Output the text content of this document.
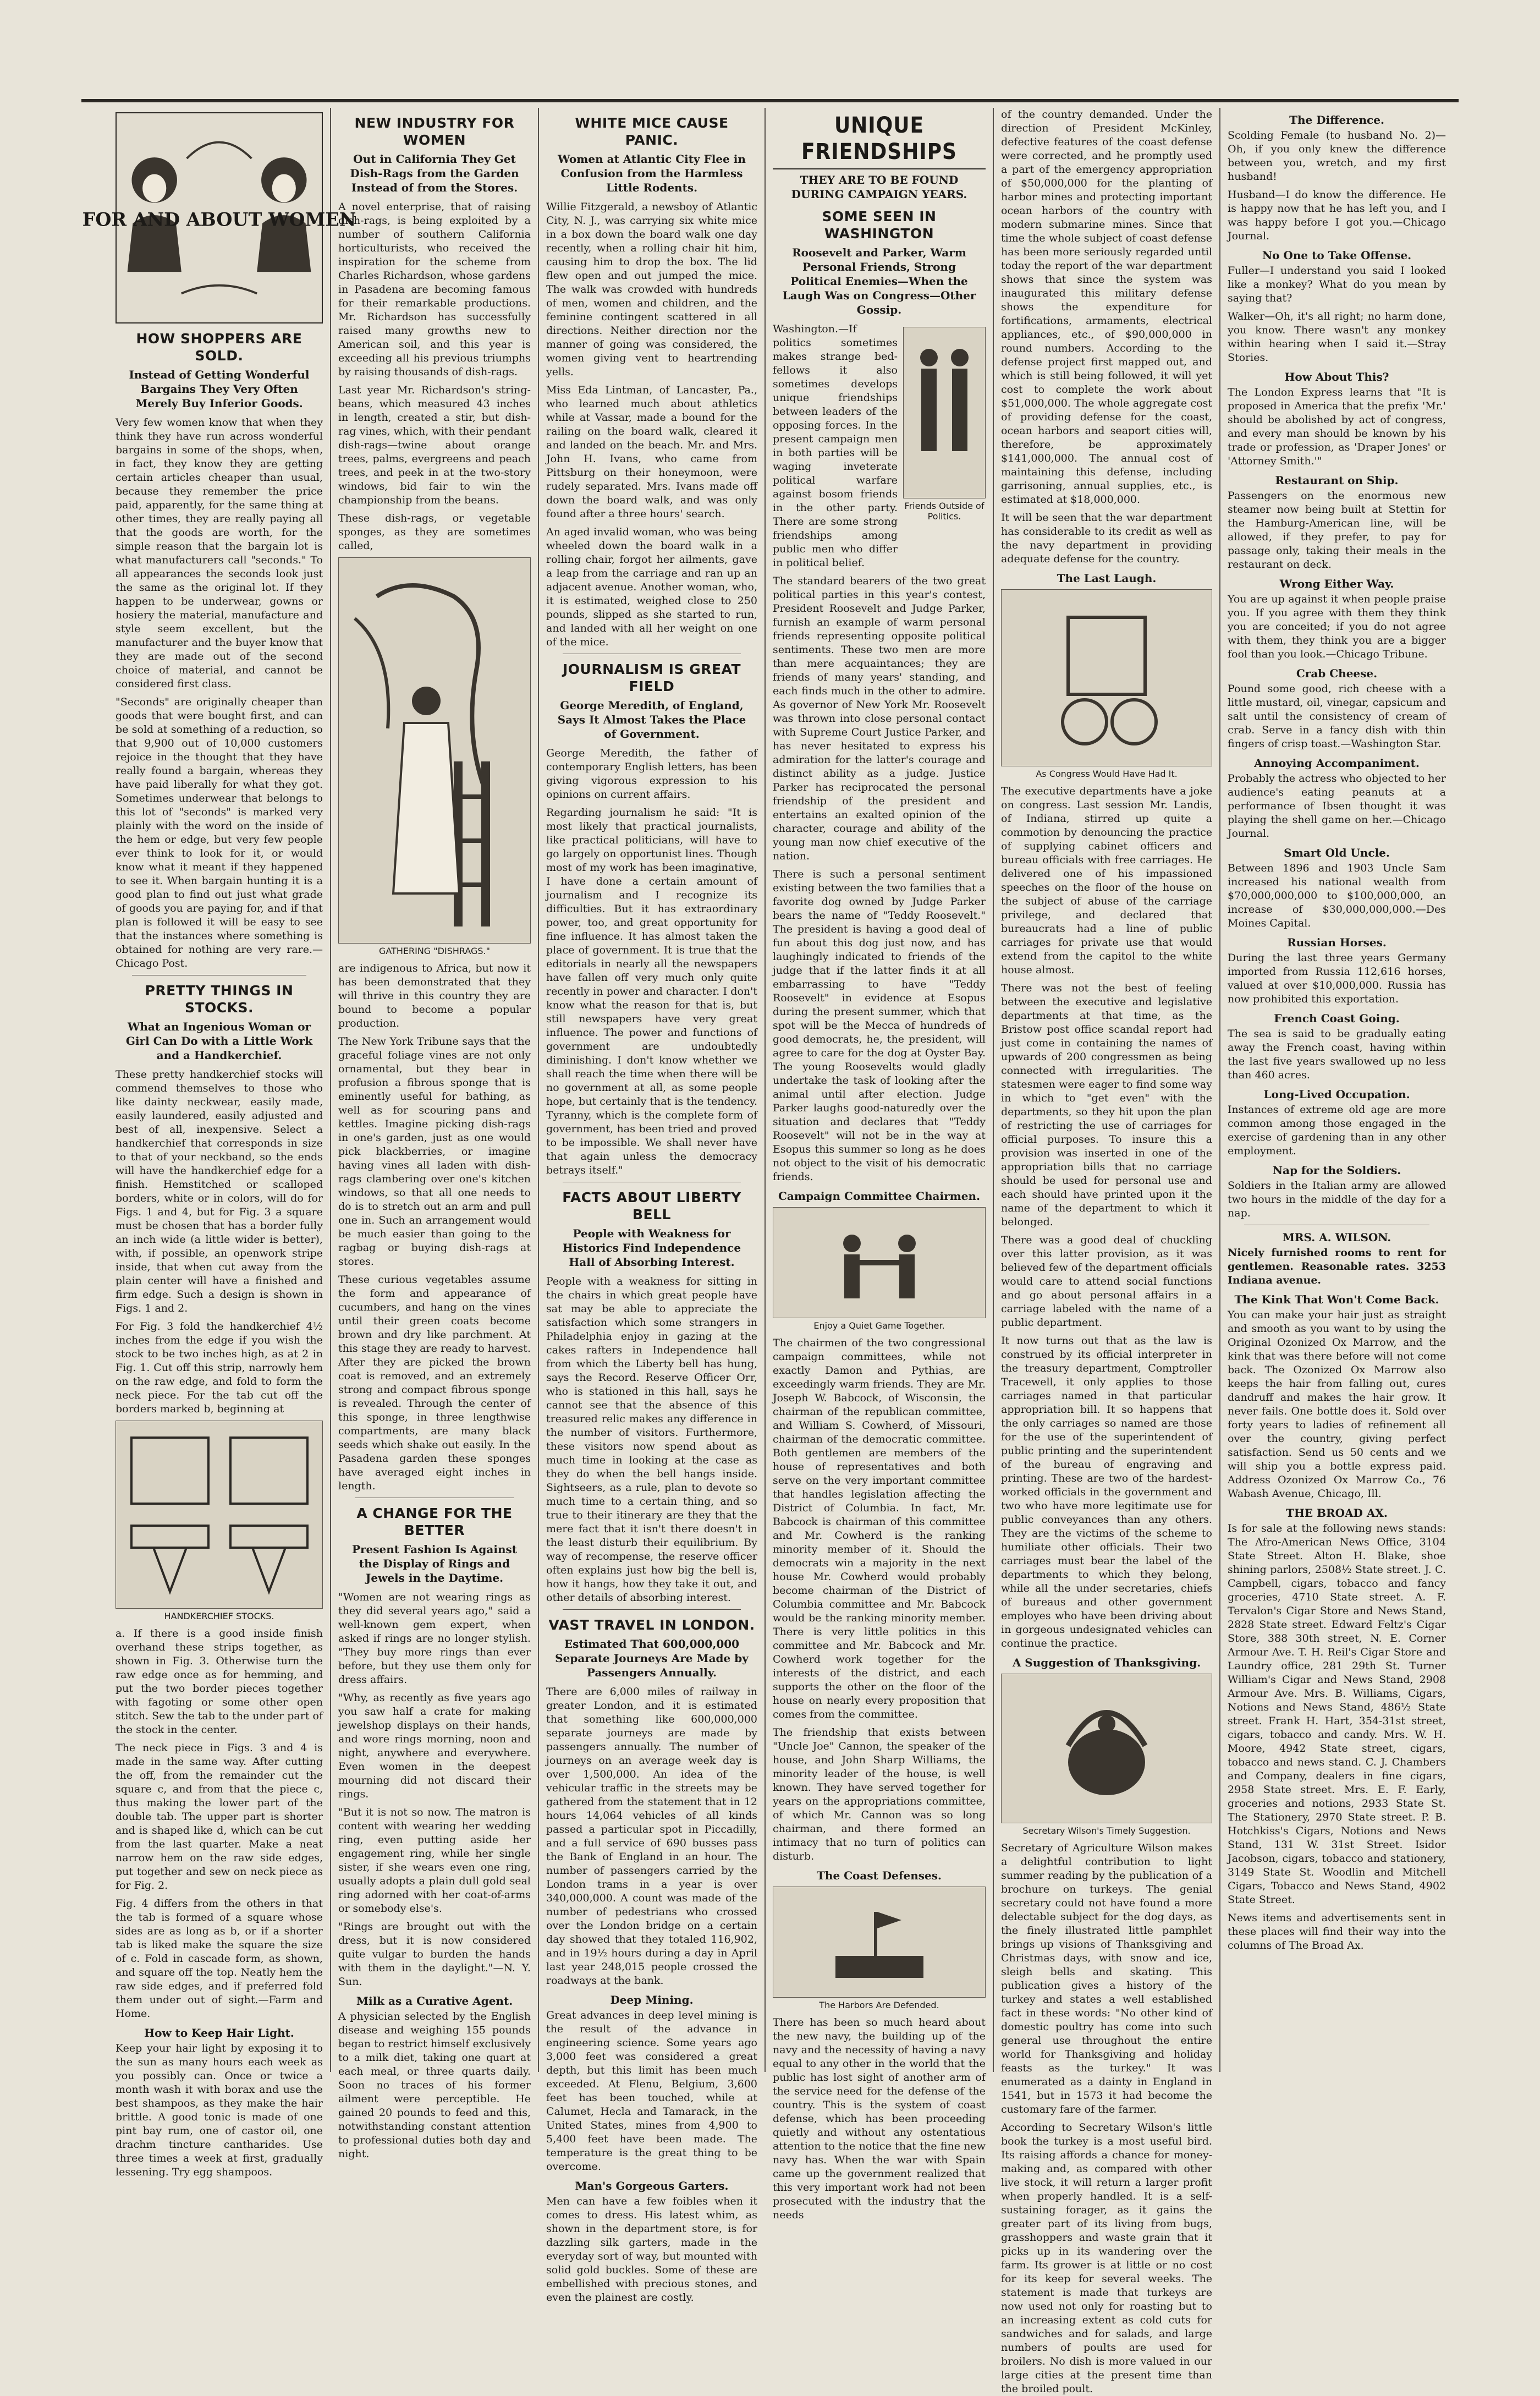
FOR AND ABOUT WOMEN
HOW SHOPPERS ARE SOLD.
Instead of Getting Wonderful Bargains They Very Often Merely Buy Inferior Goods.

Very few women know that when they think they have run across wonderful bargains in some of the shops, when, in fact, they know they are getting certain articles cheaper than usual, because they remember the price paid, apparently, for the same thing at other times, they are really paying all that the goods are worth, for the simple reason that the bargain lot is what manufacturers call "seconds." To all appearances the seconds look just the same as the original lot. If they happen to be underwear, gowns or hosiery the material, manufacture and style seem excellent, but the manufacturer and the buyer know that they are made out of the second choice of material, and cannot be considered first class.

"Seconds" are originally cheaper than goods that were bought first, and can be sold at something of a reduction, so that 9,900 out of 10,000 customers rejoice in the thought that they have really found a bargain, whereas they have paid liberally for what they got. Sometimes underwear that belongs to this lot of "seconds" is marked very plainly with the word on the inside of the hem or edge, but very few people ever think to look for it, or would know what it meant if they happened to see it. When bargain hunting it is a good plan to find out just what grade of goods you are paying for, and if that plan is followed it will be easy to see that the instances where something is obtained for nothing are very rare.—Chicago Post.

PRETTY THINGS IN STOCKS.
What an Ingenious Woman or Girl Can Do with a Little Work and a Handkerchief.

These pretty handkerchief stocks will commend themselves to those who like dainty neckwear, easily made, easily laundered, easily adjusted and best of all, inexpensive. Select a handkerchief that corresponds in size to that of your neckband, so the ends will have the handkerchief edge for a finish. Hemstitched or scalloped borders, white or in colors, will do for Figs. 1 and 4, but for Fig. 3 a square must be chosen that has a border fully an inch wide (a little wider is better), with, if possible, an openwork stripe inside, that when cut away from the plain center will have a finished and firm edge. Such a design is shown in Figs. 1 and 2.

For Fig. 3 fold the handkerchief 4½ inches from the edge if you wish the stock to be two inches high, as at 2 in Fig. 1. Cut off this strip, narrowly hem on the raw edge, and fold to form the neck piece. For the tab cut off the borders marked b, beginning at

HANDKERCHIEF STOCKS.

a. If there is a good inside finish overhand these strips together, as shown in Fig. 3. Otherwise turn the raw edge once as for hemming, and put the two border pieces together with fagoting or some other open stitch. Sew the tab to the under part of the stock in the center.

The neck piece in Figs. 3 and 4 is made in the same way. After cutting the off, from the remainder cut the square c, and from that the piece c, thus making the lower part of the double tab. The upper part is shorter and is shaped like d, which can be cut from the last quarter. Make a neat narrow hem on the raw side edges, put together and sew on neck piece as for Fig. 2.

Fig. 4 differs from the others in that the tab is formed of a square whose sides are as long as b, or if a shorter tab is liked make the square the size of c. Fold in cascade form, as shown, and square off the top. Neatly hem the raw side edges, and if preferred fold them under out of sight.—Farm and Home.

How to Keep Hair Light.

Keep your hair light by exposing it to the sun as many hours each week as you possibly can. Once or twice a month wash it with borax and use the best shampoos, as they make the hair brittle. A good tonic is made of one pint bay rum, one of castor oil, one drachm tincture cantharides. Use three times a week at first, gradually lessening. Try egg shampoos.

NEW INDUSTRY FOR WOMEN
Out in California They Get Dish-Rags from the Garden Instead of from the Stores.

A novel enterprise, that of raising dish-rags, is being exploited by a number of southern California horticulturists, who received the inspiration for the scheme from Charles Richardson, whose gardens in Pasadena are becoming famous for their remarkable productions. Mr. Richardson has successfully raised many growths new to American soil, and this year is exceeding all his previous triumphs by raising thousands of dish-rags.

Last year Mr. Richardson's string-beans, which measured 43 inches in length, created a stir, but dish-rag vines, which, with their pendant dish-rags—twine about orange trees, palms, evergreens and peach trees, and peek in at the two-story windows, bid fair to win the championship from the beans.

These dish-rags, or vegetable sponges, as they are sometimes called,

GATHERING "DISHRAGS."

are indigenous to Africa, but now it has been demonstrated that they will thrive in this country they are bound to become a popular production.

The New York Tribune says that the graceful foliage vines are not only ornamental, but they bear in profusion a fibrous sponge that is eminently useful for bathing, as well as for scouring pans and kettles. Imagine picking dish-rags in one's garden, just as one would pick blackberries, or imagine having vines all laden with dish-rags clambering over one's kitchen windows, so that all one needs to do is to stretch out an arm and pull one in. Such an arrangement would be much easier than going to the ragbag or buying dish-rags at stores.

These curious vegetables assume the form and appearance of cucumbers, and hang on the vines until their green coats become brown and dry like parchment. At this stage they are ready to harvest. After they are picked the brown coat is removed, and an extremely strong and compact fibrous sponge is revealed. Through the center of this sponge, in three lengthwise compartments, are many black seeds which shake out easily. In the Pasadena garden these sponges have averaged eight inches in length.

A CHANGE FOR THE BETTER
Present Fashion Is Against the Display of Rings and Jewels in the Daytime.

"Women are not wearing rings as they did several years ago," said a well-known gem expert, when asked if rings are no longer stylish. "They buy more rings than ever before, but they use them only for dress affairs.

"Why, as recently as five years ago you saw half a crate for making jewelshop displays on their hands, and wore rings morning, noon and night, anywhere and everywhere. Even women in the deepest mourning did not discard their rings.

"But it is not so now. The matron is content with wearing her wedding ring, even putting aside her engagement ring, while her single sister, if she wears even one ring, usually adopts a plain dull gold seal ring adorned with her coat-of-arms or somebody else's.

"Rings are brought out with the dress, but it is now considered quite vulgar to burden the hands with them in the daylight."—N. Y. Sun.

Milk as a Curative Agent.

A physician selected by the English disease and weighing 155 pounds began to restrict himself exclusively to a milk diet, taking one quart at each meal, or three quarts daily. Soon no traces of his former ailment were perceptible. He gained 20 pounds to feed and this, notwithstanding constant attention to professional duties both day and night.

WHITE MICE CAUSE PANIC.
Women at Atlantic City Flee in Confusion from the Harmless Little Rodents.

Willie Fitzgerald, a newsboy of Atlantic City, N. J., was carrying six white mice in a box down the board walk one day recently, when a rolling chair hit him, causing him to drop the box. The lid flew open and out jumped the mice. The walk was crowded with hundreds of men, women and children, and the feminine contingent scattered in all directions. Neither direction nor the manner of going was considered, the women giving vent to heartrending yells.

Miss Eda Lintman, of Lancaster, Pa., who learned much about athletics while at Vassar, made a bound for the railing on the board walk, cleared it and landed on the beach. Mr. and Mrs. John H. Ivans, who came from Pittsburg on their honeymoon, were rudely separated. Mrs. Ivans made off down the board walk, and was only found after a three hours' search.

An aged invalid woman, who was being wheeled down the board walk in a rolling chair, forgot her ailments, gave a leap from the carriage and ran up an adjacent avenue. Another woman, who, it is estimated, weighed close to 250 pounds, slipped as she started to run, and landed with all her weight on one of the mice.

JOURNALISM IS GREAT FIELD
George Meredith, of England, Says It Almost Takes the Place of Government.

George Meredith, the father of contemporary English letters, has been giving vigorous expression to his opinions on current affairs.

Regarding journalism he said: "It is most likely that practical journalists, like practical politicians, will have to go largely on opportunist lines. Though most of my work has been imaginative, I have done a certain amount of journalism and I recognize its difficulties. But it has extraordinary power, too, and great opportunity for fine influence. It has almost taken the place of government. It is true that the editorials in nearly all the newspapers have fallen off very much only quite recently in power and character. I don't know what the reason for that is, but still newspapers have very great influence. The power and functions of government are undoubtedly diminishing. I don't know whether we shall reach the time when there will be no government at all, as some people hope, but certainly that is the tendency. Tyranny, which is the complete form of government, has been tried and proved to be impossible. We shall never have that again unless the democracy betrays itself."

FACTS ABOUT LIBERTY BELL
People with Weakness for Historics Find Independence Hall of Absorbing Interest.

People with a weakness for sitting in the chairs in which great people have sat may be able to appreciate the satisfaction which some strangers in Philadelphia enjoy in gazing at the cakes rafters in Independence hall from which the Liberty bell has hung, says the Record. Reserve Officer Orr, who is stationed in this hall, says he cannot see that the absence of this treasured relic makes any difference in the number of visitors. Furthermore, these visitors now spend about as much time in looking at the case as they do when the bell hangs inside. Sightseers, as a rule, plan to devote so much time to a certain thing, and so true to their itinerary are they that the mere fact that it isn't there doesn't in the least disturb their equilibrium. By way of recompense, the reserve officer often explains just how big the bell is, how it hangs, how they take it out, and other details of absorbing interest.

VAST TRAVEL IN LONDON.
Estimated That 600,000,000 Separate Journeys Are Made by Passengers Annually.

There are 6,000 miles of railway in greater London, and it is estimated that something like 600,000,000 separate journeys are made by passengers annually. The number of journeys on an average week day is over 1,500,000. An idea of the vehicular traffic in the streets may be gathered from the statement that in 12 hours 14,064 vehicles of all kinds passed a particular spot in Piccadilly, and a full service of 690 busses pass the Bank of England in an hour. The number of passengers carried by the London trams in a year is over 340,000,000. A count was made of the number of pedestrians who crossed over the London bridge on a certain day showed that they totaled 116,902, and in 19½ hours during a day in April last year 248,015 people crossed the roadways at the bank.

Deep Mining.

Great advances in deep level mining is the result of the advance in engineering science. Some years ago 3,000 feet was considered a great depth, but this limit has been much exceeded. At Flenu, Belgium, 3,600 feet has been touched, while at Calumet, Hecla and Tamarack, in the United States, mines from 4,900 to 5,400 feet have been made. The temperature is the great thing to be overcome.

Man's Gorgeous Garters.

Men can have a few foibles when it comes to dress. His latest whim, as shown in the department store, is for dazzling silk garters, made in the everyday sort of way, but mounted with solid gold buckles. Some of these are embellished with precious stones, and even the plainest are costly.

UNIQUE FRIENDSHIPS
THEY ARE TO BE FOUND DURING CAMPAIGN YEARS.
SOME SEEN IN WASHINGTON
Roosevelt and Parker, Warm Personal Friends, Strong Political Enemies—When the Laugh Was on Congress—Other Gossip.

Washington.—If politics sometimes makes strange bed-fellows it also sometimes develops unique friendships between leaders of the opposing forces. In the present campaign men in both parties will be waging inveterate political warfare against bosom friends in the other party. There are some strong friendships among public men who differ in political belief.

Friends Outside of Politics.

The standard bearers of the two great political parties in this year's contest, President Roosevelt and Judge Parker, furnish an example of warm personal friends representing opposite political sentiments. These two men are more than mere acquaintances; they are friends of many years' standing, and each finds much in the other to admire. As governor of New York Mr. Roosevelt was thrown into close personal contact with Supreme Court Justice Parker, and has never hesitated to express his admiration for the latter's courage and distinct ability as a judge. Justice Parker has reciprocated the personal friendship of the president and entertains an exalted opinion of the character, courage and ability of the young man now chief executive of the nation.

There is such a personal sentiment existing between the two families that a favorite dog owned by Judge Parker bears the name of "Teddy Roosevelt." The president is having a good deal of fun about this dog just now, and has laughingly indicated to friends of the judge that if the latter finds it at all embarrassing to have "Teddy Roosevelt" in evidence at Esopus during the present summer, which that spot will be the Mecca of hundreds of good democrats, he, the president, will agree to care for the dog at Oyster Bay. The young Roosevelts would gladly undertake the task of looking after the animal until after election. Judge Parker laughs good-naturedly over the situation and declares that "Teddy Roosevelt" will not be in the way at Esopus this summer so long as he does not object to the visit of his democratic friends.

Campaign Committee Chairmen.
Enjoy a Quiet Game Together.

The chairmen of the two congressional campaign committees, while not exactly Damon and Pythias, are exceedingly warm friends. They are Mr. Joseph W. Babcock, of Wisconsin, the chairman of the republican committee, and William S. Cowherd, of Missouri, chairman of the democratic committee. Both gentlemen are members of the house of representatives and both serve on the very important committee that handles legislation affecting the District of Columbia. In fact, Mr. Babcock is chairman of this committee and Mr. Cowherd is the ranking minority member of it. Should the democrats win a majority in the next house Mr. Cowherd would probably become chairman of the District of Columbia committee and Mr. Babcock would be the ranking minority member. There is very little politics in this committee and Mr. Babcock and Mr. Cowherd work together for the interests of the district, and each supports the other on the floor of the house on nearly every proposition that comes from the committee.

The friendship that exists between "Uncle Joe" Cannon, the speaker of the house, and John Sharp Williams, the minority leader of the house, is well known. They have served together for years on the appropriations committee, of which Mr. Cannon was so long chairman, and there formed an intimacy that no turn of politics can disturb.

The Coast Defenses.
The Harbors Are Defended.

There has been so much heard about the new navy, the building up of the navy and the necessity of having a navy equal to any other in the world that the public has lost sight of another arm of the service need for the defense of the country. This is the system of coast defense, which has been proceeding quietly and without any ostentatious attention to the notice that the fine new navy has. When the war with Spain came up the government realized that this very important work had not been prosecuted with the industry that the needs

of the country demanded. Under the direction of President McKinley, defective features of the coast defense were corrected, and he promptly used a part of the emergency appropriation of $50,000,000 for the planting of harbor mines and protecting important ocean harbors of the country with modern submarine mines. Since that time the whole subject of coast defense has been more seriously regarded until today the report of the war department shows that since the system was inaugurated this military defense shows the expenditure for fortifications, armaments, electrical appliances, etc., of $90,000,000 in round numbers. According to the defense project first mapped out, and which is still being followed, it will yet cost to complete the work about $51,000,000. The whole aggregate cost of providing defense for the coast, ocean harbors and seaport cities will, therefore, be approximately $141,000,000. The annual cost of maintaining this defense, including garrisoning, annual supplies, etc., is estimated at $18,000,000.

It will be seen that the war department has considerable to its credit as well as the navy department in providing adequate defense for the country.

The Last Laugh.
As Congress Would Have Had It.

The executive departments have a joke on congress. Last session Mr. Landis, of Indiana, stirred up quite a commotion by denouncing the practice of supplying cabinet officers and bureau officials with free carriages. He delivered one of his impassioned speeches on the floor of the house on the subject of abuse of the carriage privilege, and declared that bureaucrats had a line of public carriages for private use that would extend from the capitol to the white house almost.

There was not the best of feeling between the executive and legislative departments at that time, as the Bristow post office scandal report had just come in containing the names of upwards of 200 congressmen as being connected with irregularities. The statesmen were eager to find some way in which to "get even" with the departments, so they hit upon the plan of restricting the use of carriages for official purposes. To insure this a provision was inserted in one of the appropriation bills that no carriage should be used for personal use and each should have printed upon it the name of the department to which it belonged.

There was a good deal of chuckling over this latter provision, as it was believed few of the department officials would care to attend social functions and go about personal affairs in a carriage labeled with the name of a public department.

It now turns out that as the law is construed by its official interpreter in the treasury department, Comptroller Tracewell, it only applies to those carriages named in that particular appropriation bill. It so happens that the only carriages so named are those for the use of the superintendent of public printing and the superintendent of the bureau of engraving and printing. These are two of the hardest-worked officials in the government and two who have more legitimate use for public conveyances than any others. They are the victims of the scheme to humiliate other officials. Their two carriages must bear the label of the departments to which they belong, while all the under secretaries, chiefs of bureaus and other government employes who have been driving about in gorgeous undesignated vehicles can continue the practice.

A Suggestion of Thanksgiving.
Secretary Wilson's Timely Suggestion.

Secretary of Agriculture Wilson makes a delightful contribution to light summer reading by the publication of a brochure on turkeys. The genial secretary could not have found a more delectable subject for the dog days, as the finely illustrated little pamphlet brings up visions of Thanksgiving and Christmas days, with snow and ice, sleigh bells and skating. This publication gives a history of the turkey and states a well established fact in these words: "No other kind of domestic poultry has come into such general use throughout the entire world for Thanksgiving and holiday feasts as the turkey." It was enumerated as a dainty in England in 1541, but in 1573 it had become the customary fare of the farmer.

According to Secretary Wilson's little book the turkey is a most useful bird. Its raising affords a chance for money-making and, as compared with other live stock, it will return a larger profit when properly handled. It is a self-sustaining forager, as it gains the greater part of its living from bugs, grasshoppers and waste grain that it picks up in its wandering over the farm. Its grower is at little or no cost for its keep for several weeks. The statement is made that turkeys are now used not only for roasting but to an increasing extent as cold cuts for sandwiches and for salads, and large numbers of poults are used for broilers. No dish is more valued in our large cities at the present time than the broiled poult.

The Difference.

Scolding Female (to husband No. 2)—Oh, if you only knew the difference between you, wretch, and my first husband!

Husband—I do know the difference. He is happy now that he has left you, and I was happy before I got you.—Chicago Journal.

No One to Take Offense.

Fuller—I understand you said I looked like a monkey? What do you mean by saying that?

Walker—Oh, it's all right; no harm done, you know. There wasn't any monkey within hearing when I said it.—Stray Stories.

How About This?

The London Express learns that "It is proposed in America that the prefix 'Mr.' should be abolished by act of congress, and every man should be known by his trade or profession, as 'Draper Jones' or 'Attorney Smith.'"

Restaurant on Ship.

Passengers on the enormous new steamer now being built at Stettin for the Hamburg-American line, will be allowed, if they prefer, to pay for passage only, taking their meals in the restaurant on deck.

Wrong Either Way.

You are up against it when people praise you. If you agree with them they think you are conceited; if you do not agree with them, they think you are a bigger fool than you look.—Chicago Tribune.

Crab Cheese.

Pound some good, rich cheese with a little mustard, oil, vinegar, capsicum and salt until the consistency of cream of crab. Serve in a fancy dish with thin fingers of crisp toast.—Washington Star.

Annoying Accompaniment.

Probably the actress who objected to her audience's eating peanuts at a performance of Ibsen thought it was playing the shell game on her.—Chicago Journal.

Smart Old Uncle.

Between 1896 and 1903 Uncle Sam increased his national wealth from $70,000,000,000 to $100,000,000, an increase of $30,000,000,000.—Des Moines Capital.

Russian Horses.

During the last three years Germany imported from Russia 112,616 horses, valued at over $10,000,000. Russia has now prohibited this exportation.

French Coast Going.

The sea is said to be gradually eating away the French coast, having within the last five years swallowed up no less than 460 acres.

Long-Lived Occupation.

Instances of extreme old age are more common among those engaged in the exercise of gardening than in any other employment.

Nap for the Soldiers.

Soldiers in the Italian army are allowed two hours in the middle of the day for a nap.

MRS. A. WILSON.

Nicely furnished rooms to rent for gentlemen. Reasonable rates. 3253 Indiana avenue.

The Kink That Won't Come Back.

You can make your hair just as straight and smooth as you want to by using the Original Ozonized Ox Marrow, and the kink that was there before will not come back. The Ozonized Ox Marrow also keeps the hair from falling out, cures dandruff and makes the hair grow. It never fails. One bottle does it. Sold over forty years to ladies of refinement all over the country, giving perfect satisfaction. Send us 50 cents and we will ship you a bottle express paid. Address Ozonized Ox Marrow Co., 76 Wabash Avenue, Chicago, Ill.

THE BROAD AX.

Is for sale at the following news stands: The Afro-American News Office, 3104 State Street. Alton H. Blake, shoe shining parlors, 2508½ State street. J. C. Campbell, cigars, tobacco and fancy groceries, 4710 State street. A. F. Tervalon's Cigar Store and News Stand, 2828 State street. Edward Feltz's Cigar Store, 388 30th street, N. E. Corner Armour Ave. T. H. Reil's Cigar Store and Laundry office, 281 29th St. Turner William's Cigar and News Stand, 2908 Armour Ave. Mrs. B. Williams, Cigars, Notions and News Stand, 486½ State street. Frank H. Hart, 354-31st street, cigars, tobacco and candy. Mrs. W. H. Moore, 4942 State street, cigars, tobacco and news stand. C. J. Chambers and Company, dealers in fine cigars, 2958 State street. Mrs. E. F. Early, groceries and notions, 2933 State St. The Stationery, 2970 State street. P. B. Hotchkiss's Cigars, Notions and News Stand, 131 W. 31st Street. Isidor Jacobson, cigars, tobacco and stationery, 3149 State St. Woodlin and Mitchell Cigars, Tobacco and News Stand, 4902 State Street.

News items and advertisements sent in these places will find their way into the columns of The Broad Ax.
